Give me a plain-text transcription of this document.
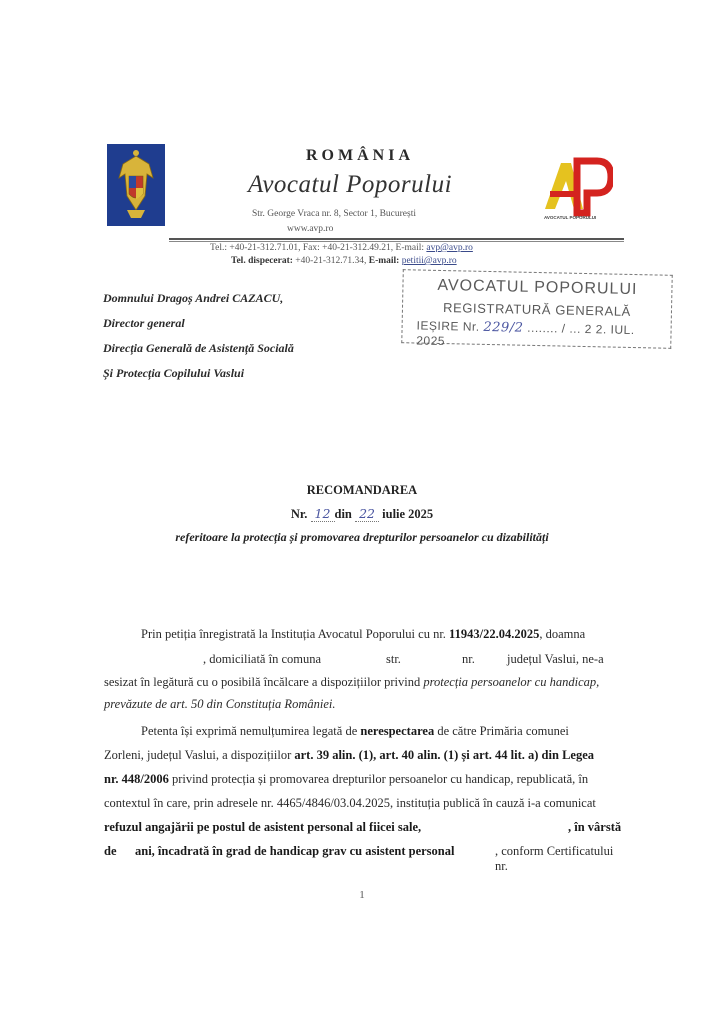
ROMÂNIA
Avocatul Poporului
Str. George Vraca nr. 8, Sector 1, București
www.avp.ro
AVOCATUL POPORULUI
Tel.: +40-21-312.71.01, Fax: +40-21-312.49.21, E-mail: avp@avp.ro
Tel. dispecerat: +40-21-312.71.34, E-mail: petitii@avp.ro
Domnului Dragoș Andrei CAZACU,
Director general
Direcția Generală de Asistență Socială
Și Protecția Copilului Vaslui
AVOCATUL POPORULUI
REGISTRATURĂ GENERALĂ
IEȘIRE Nr. 229/2 ........ / ... 2 2. IUL. 2025
RECOMANDAREA
Nr. 12 din 22 iulie 2025
referitoare la protecția și promovarea drepturilor persoanelor cu dizabilități
Prin petiția înregistrată la Instituția Avocatul Poporului cu nr. 11943/22.04.2025, doamna
, domiciliată în comuna	str.	nr.	județul Vaslui, ne-a
sesizat în legătură cu o posibilă încălcare a dispozițiilor privind protecția persoanelor cu handicap,
prevăzute de art. 50 din Constituția României.
Petenta își exprimă nemulțumirea legată de nerespectarea de către Primăria comunei
Zorleni, județul Vaslui, a dispozițiilor art. 39 alin. (1), art. 40 alin. (1) și art. 44 lit. a) din Legea
nr. 448/2006 privind protecția și promovarea drepturilor persoanelor cu handicap, republicată, în
contextul în care, prin adresele nr. 4465/4846/03.04.2025, instituția publică în cauză i-a comunicat
refuzul angajării pe postul de asistent personal al fiicei sale,	, în vârstă
de ani, încadrată în grad de handicap grav cu asistent personal	, conform Certificatului nr.
1
